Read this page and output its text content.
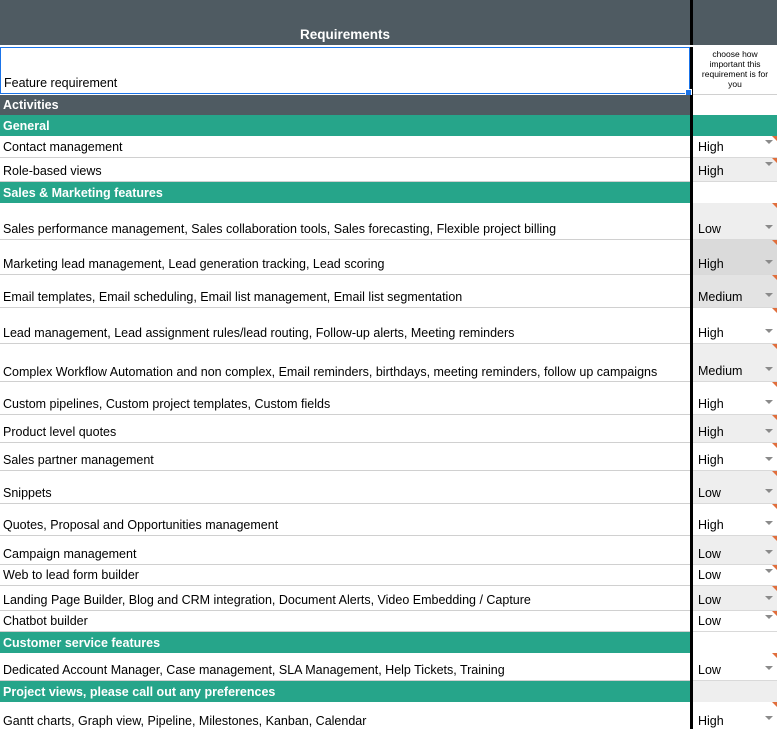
Requirements
Feature requirement
choose how important this requirement is for you
Activities
General
Contact management	High
Role-based views	High
Sales & Marketing features
Sales performance management, Sales collaboration tools, Sales forecasting, Flexible project billing	Low
Marketing lead management, Lead generation tracking, Lead scoring	High
Email templates, Email scheduling, Email list management, Email list segmentation	Medium
Lead management, Lead assignment rules/lead routing, Follow-up alerts, Meeting reminders	High
Complex Workflow Automation and non complex, Email reminders, birthdays, meeting reminders, follow up campaigns	Medium
Custom pipelines, Custom project templates, Custom fields	High
Product level quotes	High
Sales partner management	High
Snippets	Low
Quotes, Proposal and Opportunities management	High
Campaign management	Low
Web to lead form builder	Low
Landing Page Builder, Blog and CRM integration, Document Alerts, Video Embedding / Capture	Low
Chatbot builder	Low
Customer service features
Dedicated Account Manager, Case management, SLA Management, Help Tickets, Training	Low
Project views, please call out any preferences
Gantt charts, Graph view, Pipeline, Milestones, Kanban, Calendar	High
